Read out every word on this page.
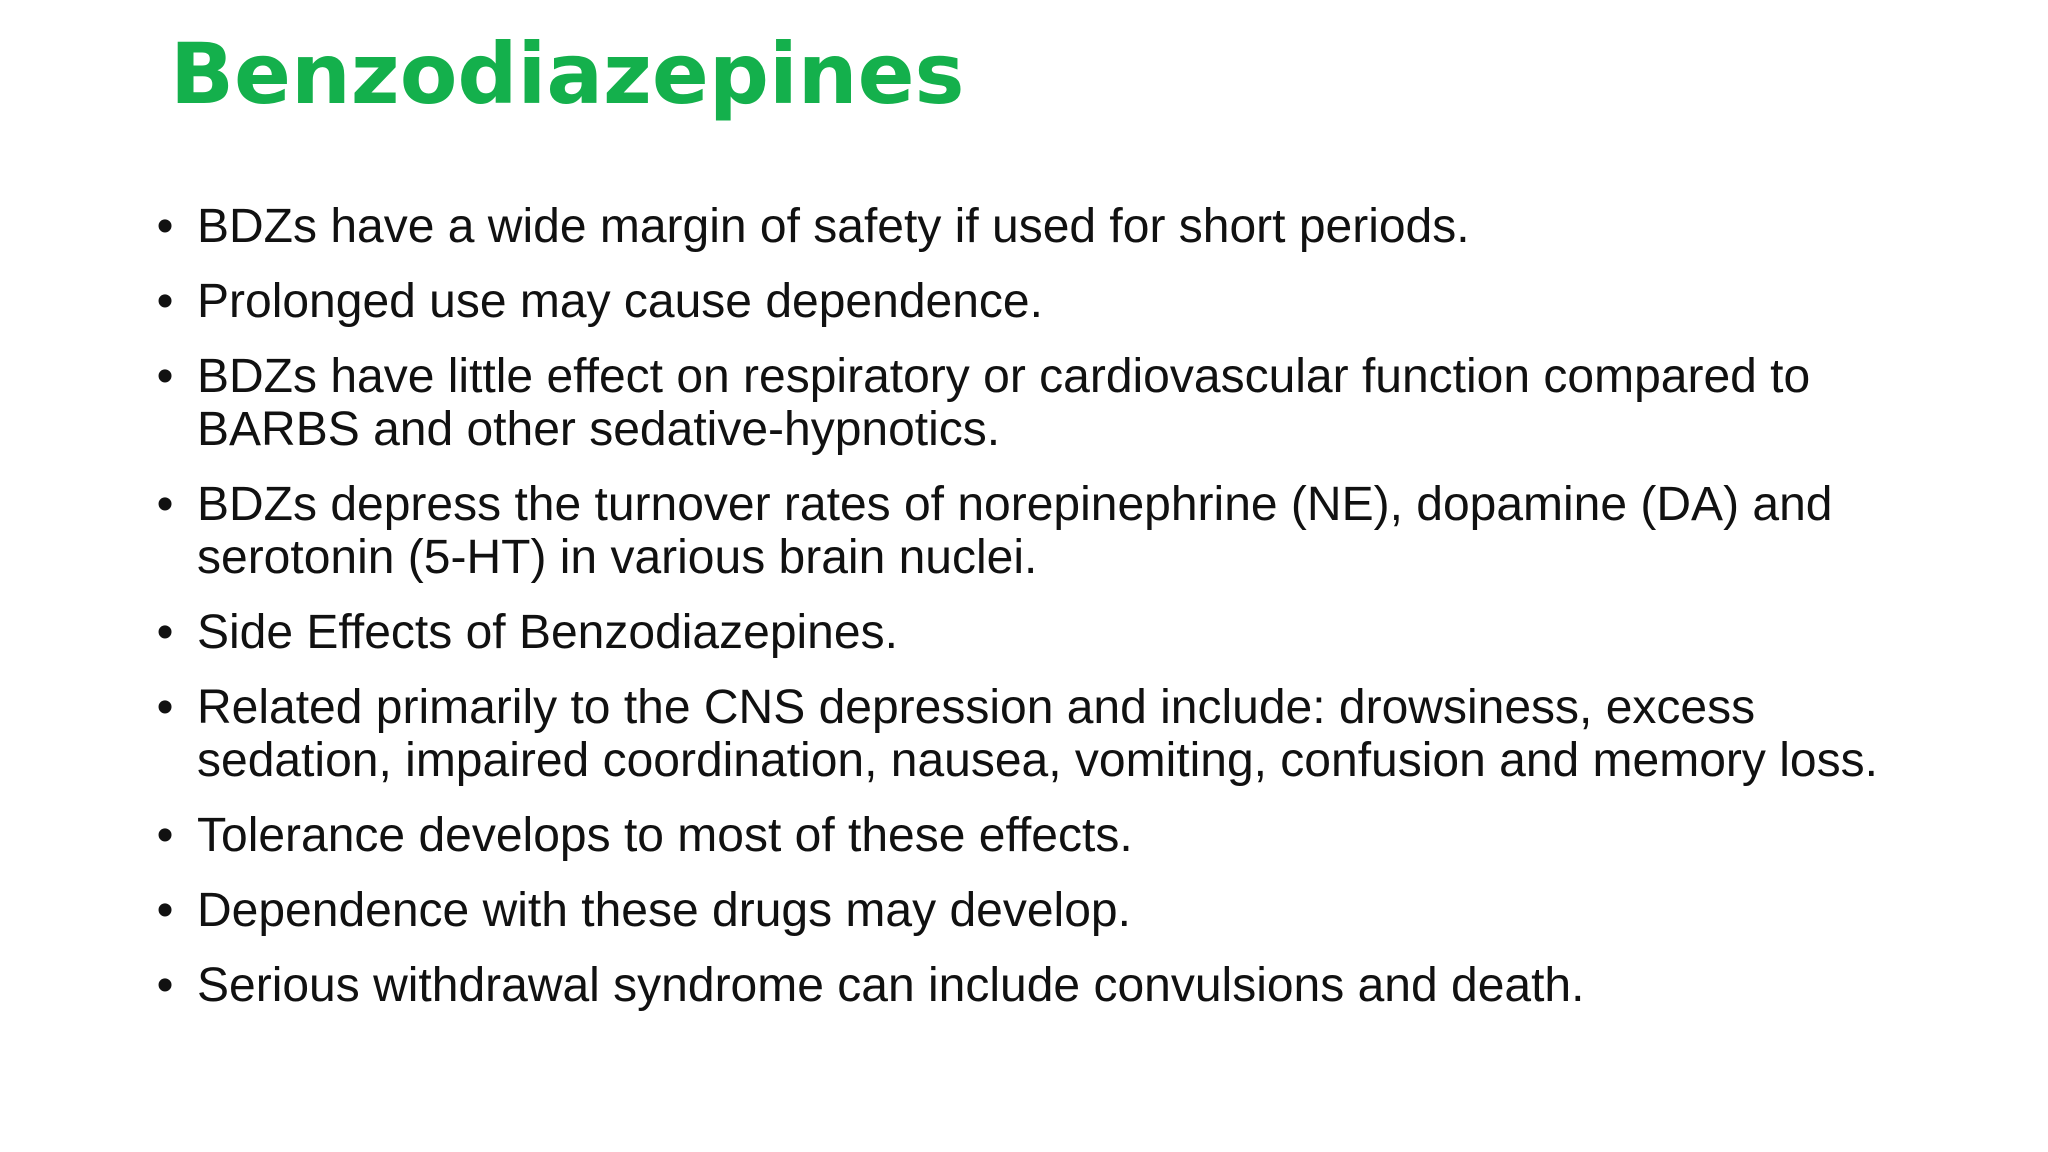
Benzodiazepines
• BDZs have a wide margin of safety if used for short periods.
• Prolonged use may cause dependence.
• BDZs have little effect on respiratory or cardiovascular function compared to BARBS and other sedative-hypnotics.
• BDZs depress the turnover rates of norepinephrine (NE), dopamine (DA) and serotonin (5-HT) in various brain nuclei.
• Side Effects of Benzodiazepines.
• Related primarily to the CNS depression and include: drowsiness, excess sedation, impaired coordination, nausea, vomiting, confusion and memory loss.
• Tolerance develops to most of these effects.
• Dependence with these drugs may develop.
• Serious withdrawal syndrome can include convulsions and death.
